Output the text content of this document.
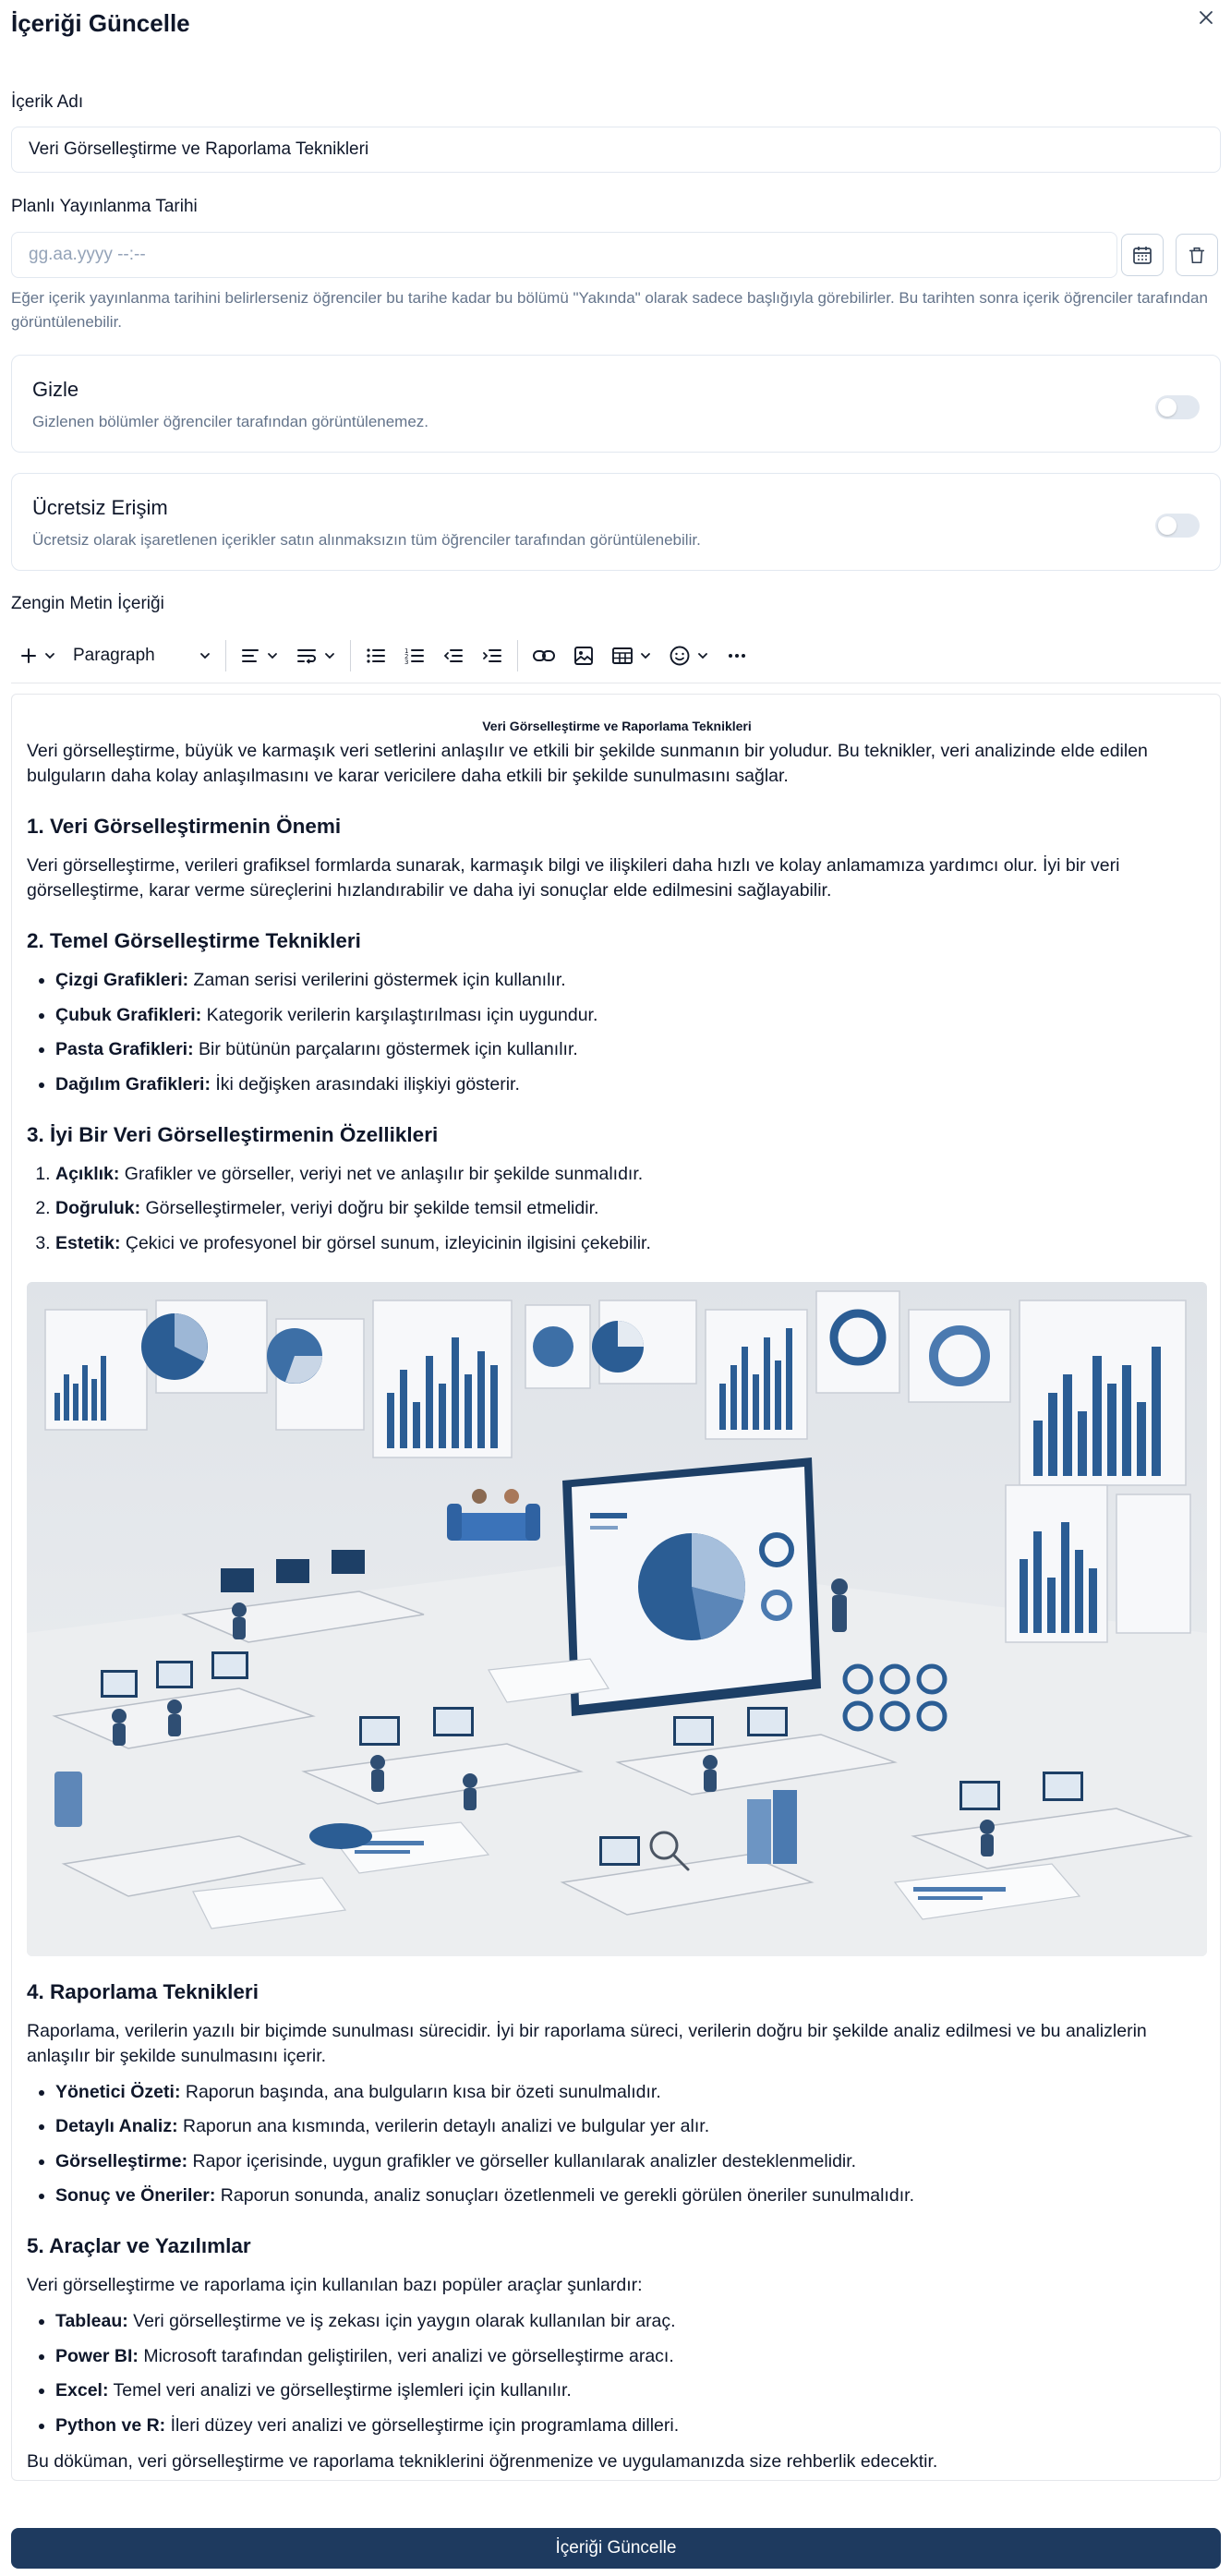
İçeriği Güncelle
İçerik Adı
Veri Görselleştirme ve Raporlama Teknikleri
Planlı Yayınlanma Tarihi
gg.aa.yyyy --:--
Eğer içerik yayınlanma tarihini belirlerseniz öğrenciler bu tarihe kadar bu bölümü "Yakında" olarak sadece başlığıyla görebilirler. Bu tarihten sonra içerik öğrenciler tarafından görüntülenebilir.
Gizle
Gizlenen bölümler öğrenciler tarafından görüntülenemez.
Ücretsiz Erişim
Ücretsiz olarak işaretlenen içerikler satın alınmaksızın tüm öğrenciler tarafından görüntülenebilir.
Zengin Metin İçeriği
Paragraph	1
2
3
Veri Görselleştirme ve Raporlama Teknikleri

Veri görselleştirme, büyük ve karmaşık veri setlerini anlaşılır ve etkili bir şekilde sunmanın bir yoludur. Bu teknikler, veri analizinde elde edilen bulguların daha kolay anlaşılmasını ve karar vericilere daha etkili bir şekilde sunulmasını sağlar.

1. Veri Görselleştirmenin Önemi

Veri görselleştirme, verileri grafiksel formlarda sunarak, karmaşık bilgi ve ilişkileri daha hızlı ve kolay anlamamıza yardımcı olur. İyi bir veri görselleştirme, karar verme süreçlerini hızlandırabilir ve daha iyi sonuçlar elde edilmesini sağlayabilir.

2. Temel Görselleştirme Teknikleri
• Çizgi Grafikleri: Zaman serisi verilerini göstermek için kullanılır.
• Çubuk Grafikleri: Kategorik verilerin karşılaştırılması için uygundur.
• Pasta Grafikleri: Bir bütünün parçalarını göstermek için kullanılır.
• Dağılım Grafikleri: İki değişken arasındaki ilişkiyi gösterir.
3. İyi Bir Veri Görselleştirmenin Özellikleri
1. Açıklık: Grafikler ve görseller, veriyi net ve anlaşılır bir şekilde sunmalıdır.
2. Doğruluk: Görselleştirmeler, veriyi doğru bir şekilde temsil etmelidir.
3. Estetik: Çekici ve profesyonel bir görsel sunum, izleyicinin ilgisini çekebilir.
4. Raporlama Teknikleri

Raporlama, verilerin yazılı bir biçimde sunulması sürecidir. İyi bir raporlama süreci, verilerin doğru bir şekilde analiz edilmesi ve bu analizlerin anlaşılır bir şekilde sunulmasını içerir.

• Yönetici Özeti: Raporun başında, ana bulguların kısa bir özeti sunulmalıdır.
• Detaylı Analiz: Raporun ana kısmında, verilerin detaylı analizi ve bulgular yer alır.
• Görselleştirme: Rapor içerisinde, uygun grafikler ve görseller kullanılarak analizler desteklenmelidir.
• Sonuç ve Öneriler: Raporun sonunda, analiz sonuçları özetlenmeli ve gerekli görülen öneriler sunulmalıdır.
5. Araçlar ve Yazılımlar

Veri görselleştirme ve raporlama için kullanılan bazı popüler araçlar şunlardır:

• Tableau: Veri görselleştirme ve iş zekası için yaygın olarak kullanılan bir araç.
• Power BI: Microsoft tarafından geliştirilen, veri analizi ve görselleştirme aracı.
• Excel: Temel veri analizi ve görselleştirme işlemleri için kullanılır.
• Python ve R: İleri düzey veri analizi ve görselleştirme için programlama dilleri.

Bu döküman, veri görselleştirme ve raporlama tekniklerini öğrenmenize ve uygulamanızda size rehberlik edecektir.

İçeriği Güncelle
